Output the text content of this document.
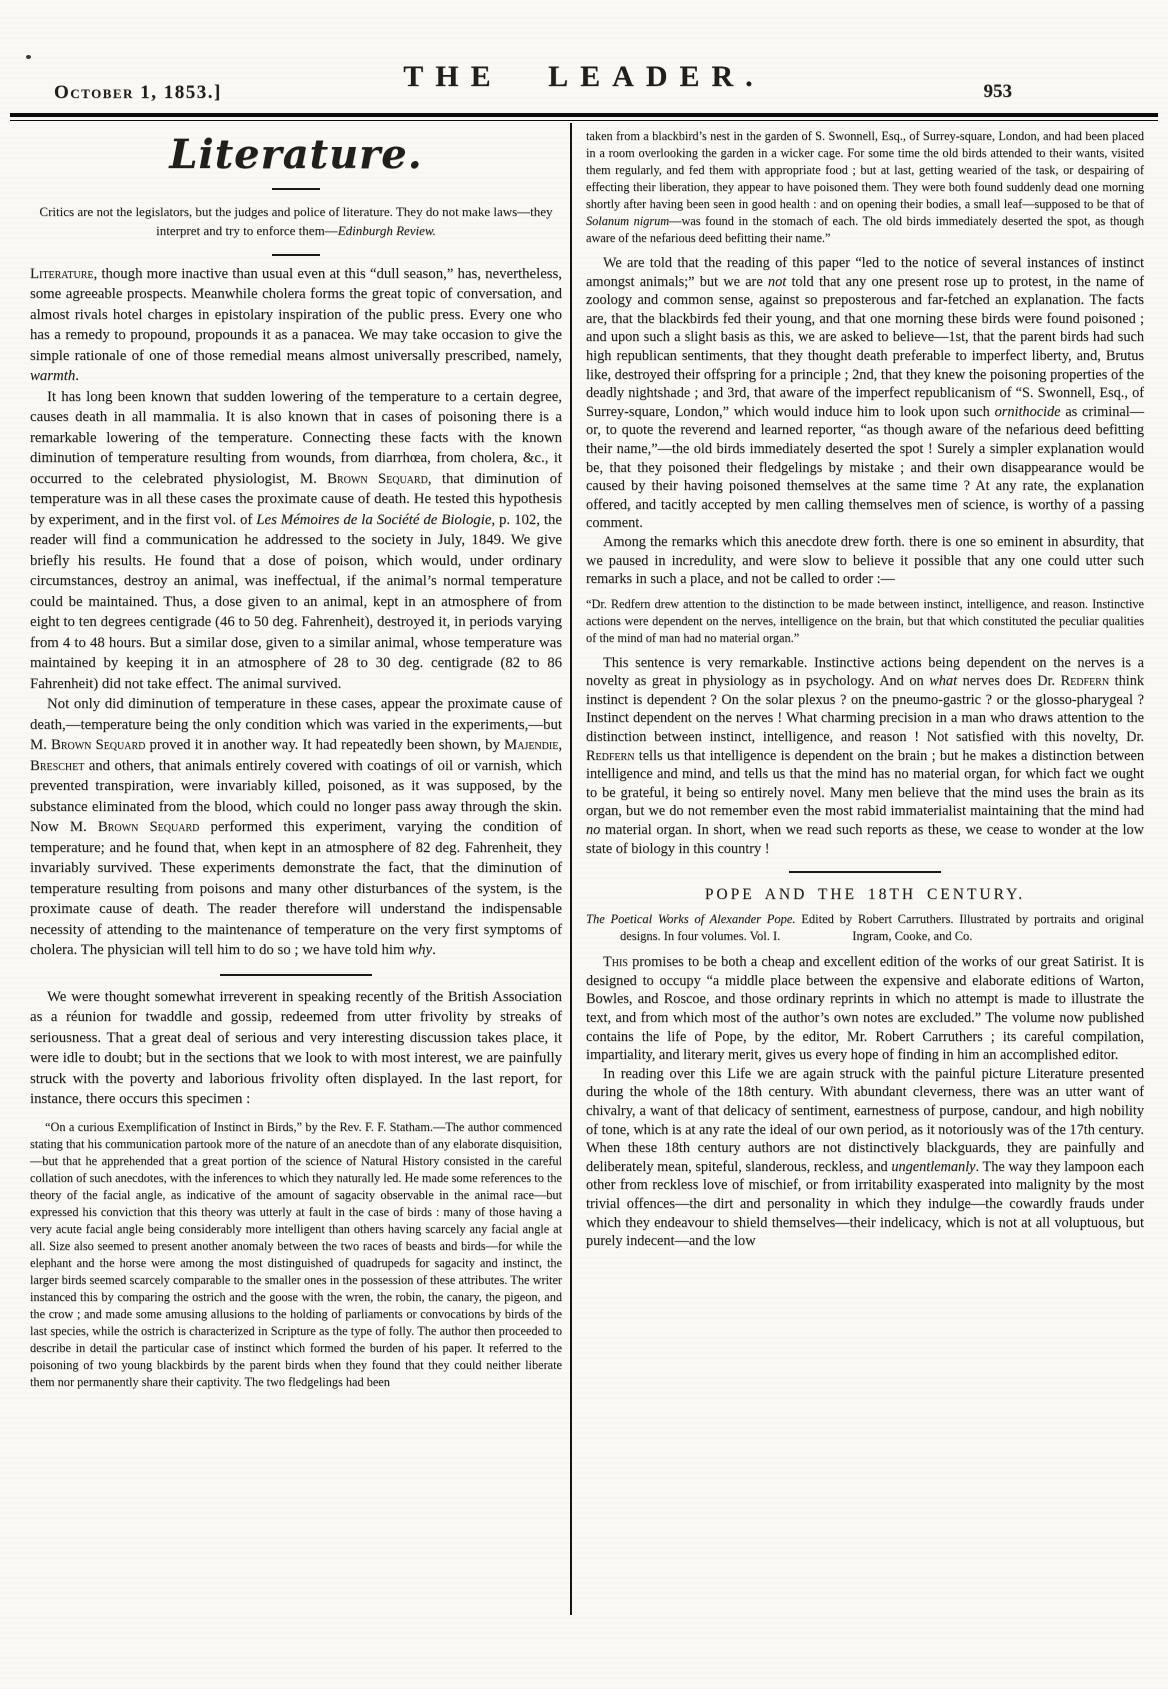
October 1, 1853.]	THE LEADER.	953
Literature.

Critics are not the legislators, but the judges and police of literature. They do not make laws—they interpret and try to enforce them—Edinburgh Review.

Literature, though more inactive than usual even at this “dull season,” has, nevertheless, some agreeable prospects. Meanwhile cholera forms the great topic of conversation, and almost rivals hotel charges in epistolary inspiration of the public press. Every one who has a remedy to propound, propounds it as a panacea. We may take occasion to give the simple rationale of one of those remedial means almost universally prescribed, namely, warmth.

It has long been known that sudden lowering of the temperature to a certain degree, causes death in all mammalia. It is also known that in cases of poisoning there is a remarkable lowering of the temperature. Connecting these facts with the known diminution of temperature resulting from wounds, from diarrhœa, from cholera, &c., it occurred to the celebrated physiologist, M. Brown Sequard, that diminution of temperature was in all these cases the proximate cause of death. He tested this hypothesis by experiment, and in the first vol. of Les Mémoires de la Société de Biologie, p. 102, the reader will find a communication he addressed to the society in July, 1849. We give briefly his results. He found that a dose of poison, which would, under ordinary circumstances, destroy an animal, was ineffectual, if the animal’s normal temperature could be maintained. Thus, a dose given to an animal, kept in an atmosphere of from eight to ten degrees centigrade (46 to 50 deg. Fahrenheit), destroyed it, in periods varying from 4 to 48 hours. But a similar dose, given to a similar animal, whose temperature was maintained by keeping it in an atmosphere of 28 to 30 deg. centigrade (82 to 86 Fahrenheit) did not take effect. The animal survived.

Not only did diminution of temperature in these cases, appear the proximate cause of death,—temperature being the only condition which was varied in the experiments,—but M. Brown Sequard proved it in another way. It had repeatedly been shown, by Majendie, Breschet and others, that animals entirely covered with coatings of oil or varnish, which prevented transpiration, were invariably killed, poisoned, as it was supposed, by the substance eliminated from the blood, which could no longer pass away through the skin. Now M. Brown Sequard performed this experiment, varying the condition of temperature; and he found that, when kept in an atmosphere of 82 deg. Fahrenheit, they invariably survived. These experiments demonstrate the fact, that the diminution of temperature resulting from poisons and many other disturbances of the system, is the proximate cause of death. The reader therefore will understand the indispensable necessity of attending to the maintenance of temperature on the very first symptoms of cholera. The physician will tell him to do so ; we have told him why.

We were thought somewhat irreverent in speaking recently of the British Association as a réunion for twaddle and gossip, redeemed from utter frivolity by streaks of seriousness. That a great deal of serious and very interesting discussion takes place, it were idle to doubt; but in the sections that we look to with most interest, we are painfully struck with the poverty and laborious frivolity often displayed. In the last report, for instance, there occurs this specimen :

“On a curious Exemplification of Instinct in Birds,” by the Rev. F. F. Statham.—The author commenced stating that his communication partook more of the nature of an anecdote than of any elaborate disquisition,—but that he apprehended that a great portion of the science of Natural History consisted in the careful collation of such anecdotes, with the inferences to which they naturally led. He made some references to the theory of the facial angle, as indicative of the amount of sagacity observable in the animal race—but expressed his conviction that this theory was utterly at fault in the case of birds : many of those having a very acute facial angle being considerably more intelligent than others having scarcely any facial angle at all. Size also seemed to present another anomaly between the two races of beasts and birds—for while the elephant and the horse were among the most distinguished of quadrupeds for sagacity and instinct, the larger birds seemed scarcely comparable to the smaller ones in the possession of these attributes. The writer instanced this by comparing the ostrich and the goose with the wren, the robin, the canary, the pigeon, and the crow ; and made some amusing allusions to the holding of parliaments or convocations by birds of the last species, while the ostrich is characterized in Scripture as the type of folly. The author then proceeded to describe in detail the particular case of instinct which formed the burden of his paper. It referred to the poisoning of two young blackbirds by the parent birds when they found that they could neither liberate them nor permanently share their captivity. The two fledgelings had been

taken from a blackbird’s nest in the garden of S. Swonnell, Esq., of Surrey-square, London, and had been placed in a room overlooking the garden in a wicker cage. For some time the old birds attended to their wants, visited them regularly, and fed them with appropriate food ; but at last, getting wearied of the task, or despairing of effecting their liberation, they appear to have poisoned them. They were both found suddenly dead one morning shortly after having been seen in good health : and on opening their bodies, a small leaf—supposed to be that of Solanum nigrum—was found in the stomach of each. The old birds immediately deserted the spot, as though aware of the nefarious deed befitting their name.”

We are told that the reading of this paper “led to the notice of several instances of instinct amongst animals;” but we are not told that any one present rose up to protest, in the name of zoology and common sense, against so preposterous and far-fetched an explanation. The facts are, that the blackbirds fed their young, and that one morning these birds were found poisoned ; and upon such a slight basis as this, we are asked to believe—1st, that the parent birds had such high republican sentiments, that they thought death preferable to imperfect liberty, and, Brutus like, destroyed their offspring for a principle ; 2nd, that they knew the poisoning properties of the deadly nightshade ; and 3rd, that aware of the imperfect republicanism of “S. Swonnell, Esq., of Surrey-square, London,” which would induce him to look upon such ornithocide as criminal—or, to quote the reverend and learned reporter, “as though aware of the nefarious deed befitting their name,”—the old birds immediately deserted the spot ! Surely a simpler explanation would be, that they poisoned their fledgelings by mistake ; and their own disappearance would be caused by their having poisoned themselves at the same time ? At any rate, the explanation offered, and tacitly accepted by men calling themselves men of science, is worthy of a passing comment.

Among the remarks which this anecdote drew forth. there is one so eminent in absurdity, that we paused in incredulity, and were slow to believe it possible that any one could utter such remarks in such a place, and not be called to order :—

“Dr. Redfern drew attention to the distinction to be made between instinct, intelligence, and reason. Instinctive actions were dependent on the nerves, intelligence on the brain, but that which constituted the peculiar qualities of the mind of man had no material organ.”

This sentence is very remarkable. Instinctive actions being dependent on the nerves is a novelty as great in physiology as in psychology. And on what nerves does Dr. Redfern think instinct is dependent ? On the solar plexus ? on the pneumo-gastric ? or the glosso-pharygeal ? Instinct dependent on the nerves ! What charming precision in a man who draws attention to the distinction between instinct, intelligence, and reason ! Not satisfied with this novelty, Dr. Redfern tells us that intelligence is dependent on the brain ; but he makes a distinction between intelligence and mind, and tells us that the mind has no material organ, for which fact we ought to be grateful, it being so entirely novel. Many men believe that the mind uses the brain as its organ, but we do not remember even the most rabid immaterialist maintaining that the mind had no material organ. In short, when we read such reports as these, we cease to wonder at the low state of biology in this country !

POPE AND THE 18TH CENTURY.

The Poetical Works of Alexander Pope. Edited by Robert Carruthers. Illustrated by portraits and original designs. In four volumes. Vol. I.	Ingram, Cooke, and Co.

This promises to be both a cheap and excellent edition of the works of our great Satirist. It is designed to occupy “a middle place between the expensive and elaborate editions of Warton, Bowles, and Roscoe, and those ordinary reprints in which no attempt is made to illustrate the text, and from which most of the author’s own notes are excluded.” The volume now published contains the life of Pope, by the editor, Mr. Robert Carruthers ; its careful compilation, impartiality, and literary merit, gives us every hope of finding in him an accomplished editor.

In reading over this Life we are again struck with the painful picture Literature presented during the whole of the 18th century. With abundant cleverness, there was an utter want of chivalry, a want of that delicacy of sentiment, earnestness of purpose, candour, and high nobility of tone, which is at any rate the ideal of our own period, as it notoriously was of the 17th century. When these 18th century authors are not distinctively blackguards, they are painfully and deliberately mean, spiteful, slanderous, reckless, and ungentlemanly. The way they lampoon each other from reckless love of mischief, or from irritability exasperated into malignity by the most trivial offences—the dirt and personality in which they indulge—the cowardly frauds under which they endeavour to shield themselves—their indelicacy, which is not at all voluptuous, but purely indecent—and the low
